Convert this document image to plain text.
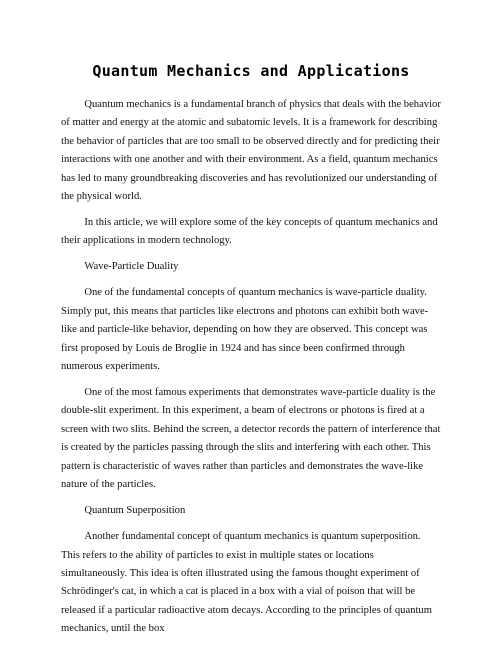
Quantum Mechanics and Applications

Quantum mechanics is a fundamental branch of physics that deals with the behavior of matter and energy at the atomic and subatomic levels. It is a framework for describing the behavior of particles that are too small to be observed directly and for predicting their interactions with one another and with their environment. As a field, quantum mechanics has led to many groundbreaking discoveries and has revolutionized our understanding of the physical world.

In this article, we will explore some of the key concepts of quantum mechanics and their applications in modern technology.

Wave-Particle Duality

One of the fundamental concepts of quantum mechanics is wave-particle duality. Simply put, this means that particles like electrons and photons can exhibit both wave-like and particle-like behavior, depending on how they are observed. This concept was first proposed by Louis de Broglie in 1924 and has since been confirmed through numerous experiments.

One of the most famous experiments that demonstrates wave-particle duality is the double-slit experiment. In this experiment, a beam of electrons or photons is fired at a screen with two slits. Behind the screen, a detector records the pattern of interference that is created by the particles passing through the slits and interfering with each other. This pattern is characteristic of waves rather than particles and demonstrates the wave-like nature of the particles.

Quantum Superposition

Another fundamental concept of quantum mechanics is quantum superposition. This refers to the ability of particles to exist in multiple states or locations simultaneously. This idea is often illustrated using the famous thought experiment of Schrödinger's cat, in which a cat is placed in a box with a vial of poison that will be released if a particular radioactive atom decays. According to the principles of quantum mechanics, until the box
